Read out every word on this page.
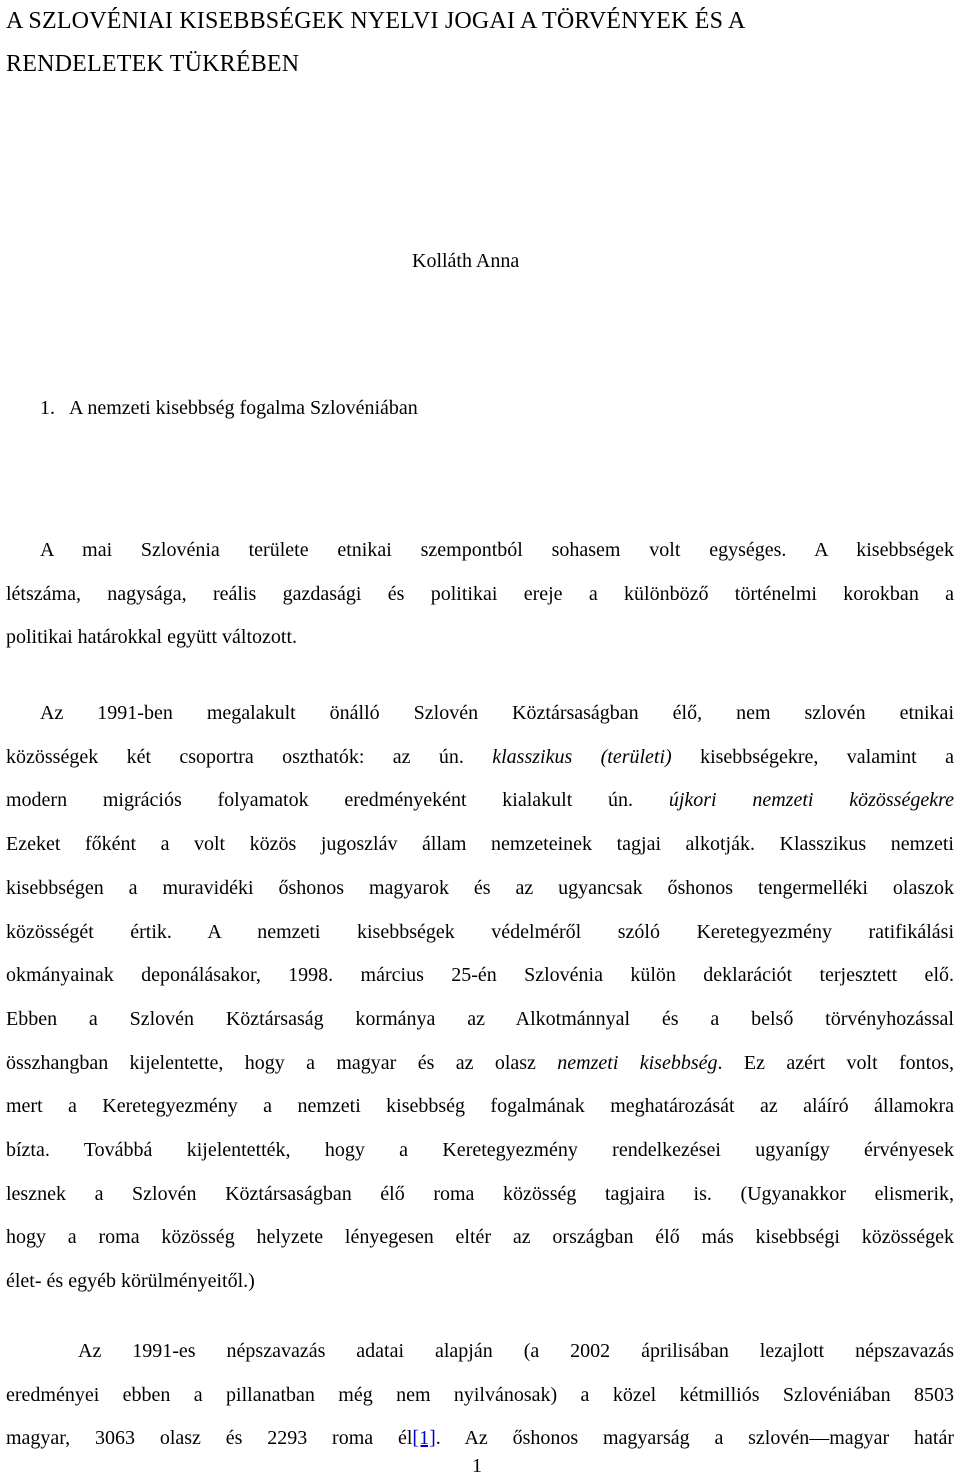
A SZLOVÉNIAI KISEBBSÉGEK NYELVI JOGAI A TÖRVÉNYEK ÉS A
RENDELETEK TÜKRÉBEN

Kolláth Anna

1. A nemzeti kisebbség fogalma Szlovéniában

A mai Szlovénia területe etnikai szempontból sohasem volt egységes. A kisebbségek
létszáma, nagysága, reális gazdasági és politikai ereje a különböző történelmi korokban a
politikai határokkal együtt változott.

Az 1991-ben megalakult önálló Szlovén Köztársaságban élő, nem szlovén etnikai
közösségek két csoportra oszthatók: az ún. klasszikus (területi) kisebbségekre, valamint a
modern migrációs folyamatok eredményeként kialakult ún. újkori nemzeti közösségekre
Ezeket főként a volt közös jugoszláv állam nemzeteinek tagjai alkotják. Klasszikus nemzeti
kisebbségen a muravidéki őshonos magyarok és az ugyancsak őshonos tengermelléki olaszok
közösségét értik. A nemzeti kisebbségek védelméről szóló Keretegyezmény ratifikálási
okmányainak deponálásakor, 1998. március 25-én Szlovénia külön deklarációt terjesztett elő.
Ebben a Szlovén Köztársaság kormánya az Alkotmánnyal és a belső törvényhozással
összhangban kijelentette, hogy a magyar és az olasz nemzeti kisebbség. Ez azért volt fontos,
mert a Keretegyezmény a nemzeti kisebbség fogalmának meghatározását az aláíró államokra
bízta. Továbbá kijelentették, hogy a Keretegyezmény rendelkezései ugyanígy érvényesek
lesznek a Szlovén Köztársaságban élő roma közösség tagjaira is. (Ugyanakkor elismerik,
hogy a roma közösség helyzete lényegesen eltér az országban élő más kisebbségi közösségek
élet- és egyéb körülményeitől.)

Az 1991-es népszavazás adatai alapján (a 2002 áprilisában lezajlott népszavazás
eredményei ebben a pillanatban még nem nyilvánosak) a közel kétmilliós Szlovéniában 8503
magyar, 3063 olasz és 2293 roma él[1]. Az őshonos magyarság a szlovén—magyar határ

1
